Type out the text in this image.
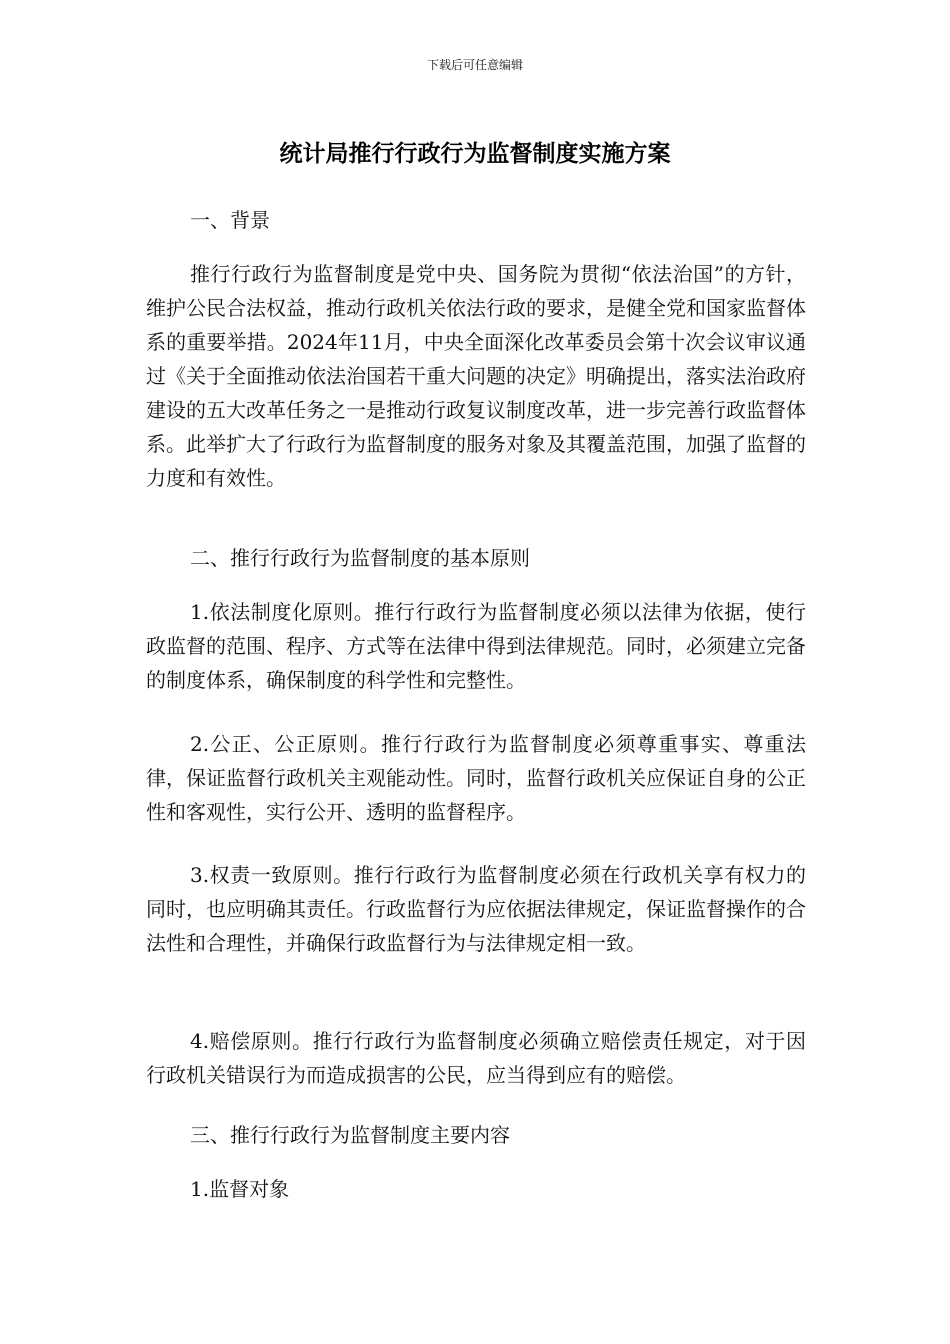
下载后可任意编辑
统计局推行行政行为监督制度实施方案

一、背景

推行行政行为监督制度是党中央、国务院为贯彻“依法治国”的方针，维护公民合法权益，推动行政机关依法行政的要求，是健全党和国家监督体系的重要举措。2024年11月，中央全面深化改革委员会第十次会议审议通过《关于全面推动依法治国若干重大问题的决定》明确提出，落实法治政府建设的五大改革任务之一是推动行政复议制度改革，进一步完善行政监督体系。此举扩大了行政行为监督制度的服务对象及其覆盖范围，加强了监督的力度和有效性。

二、推行行政行为监督制度的基本原则

1.依法制度化原则。推行行政行为监督制度必须以法律为依据，使行政监督的范围、程序、方式等在法律中得到法律规范。同时，必须建立完备的制度体系，确保制度的科学性和完整性。

2.公正、公正原则。推行行政行为监督制度必须尊重事实、尊重法律，保证监督行政机关主观能动性。同时，监督行政机关应保证自身的公正性和客观性，实行公开、透明的监督程序。

3.权责一致原则。推行行政行为监督制度必须在行政机关享有权力的同时，也应明确其责任。行政监督行为应依据法律规定，保证监督操作的合法性和合理性，并确保行政监督行为与法律规定相一致。

4.赔偿原则。推行行政行为监督制度必须确立赔偿责任规定，对于因行政机关错误行为而造成损害的公民，应当得到应有的赔偿。

三、推行行政行为监督制度主要内容

1.监督对象
